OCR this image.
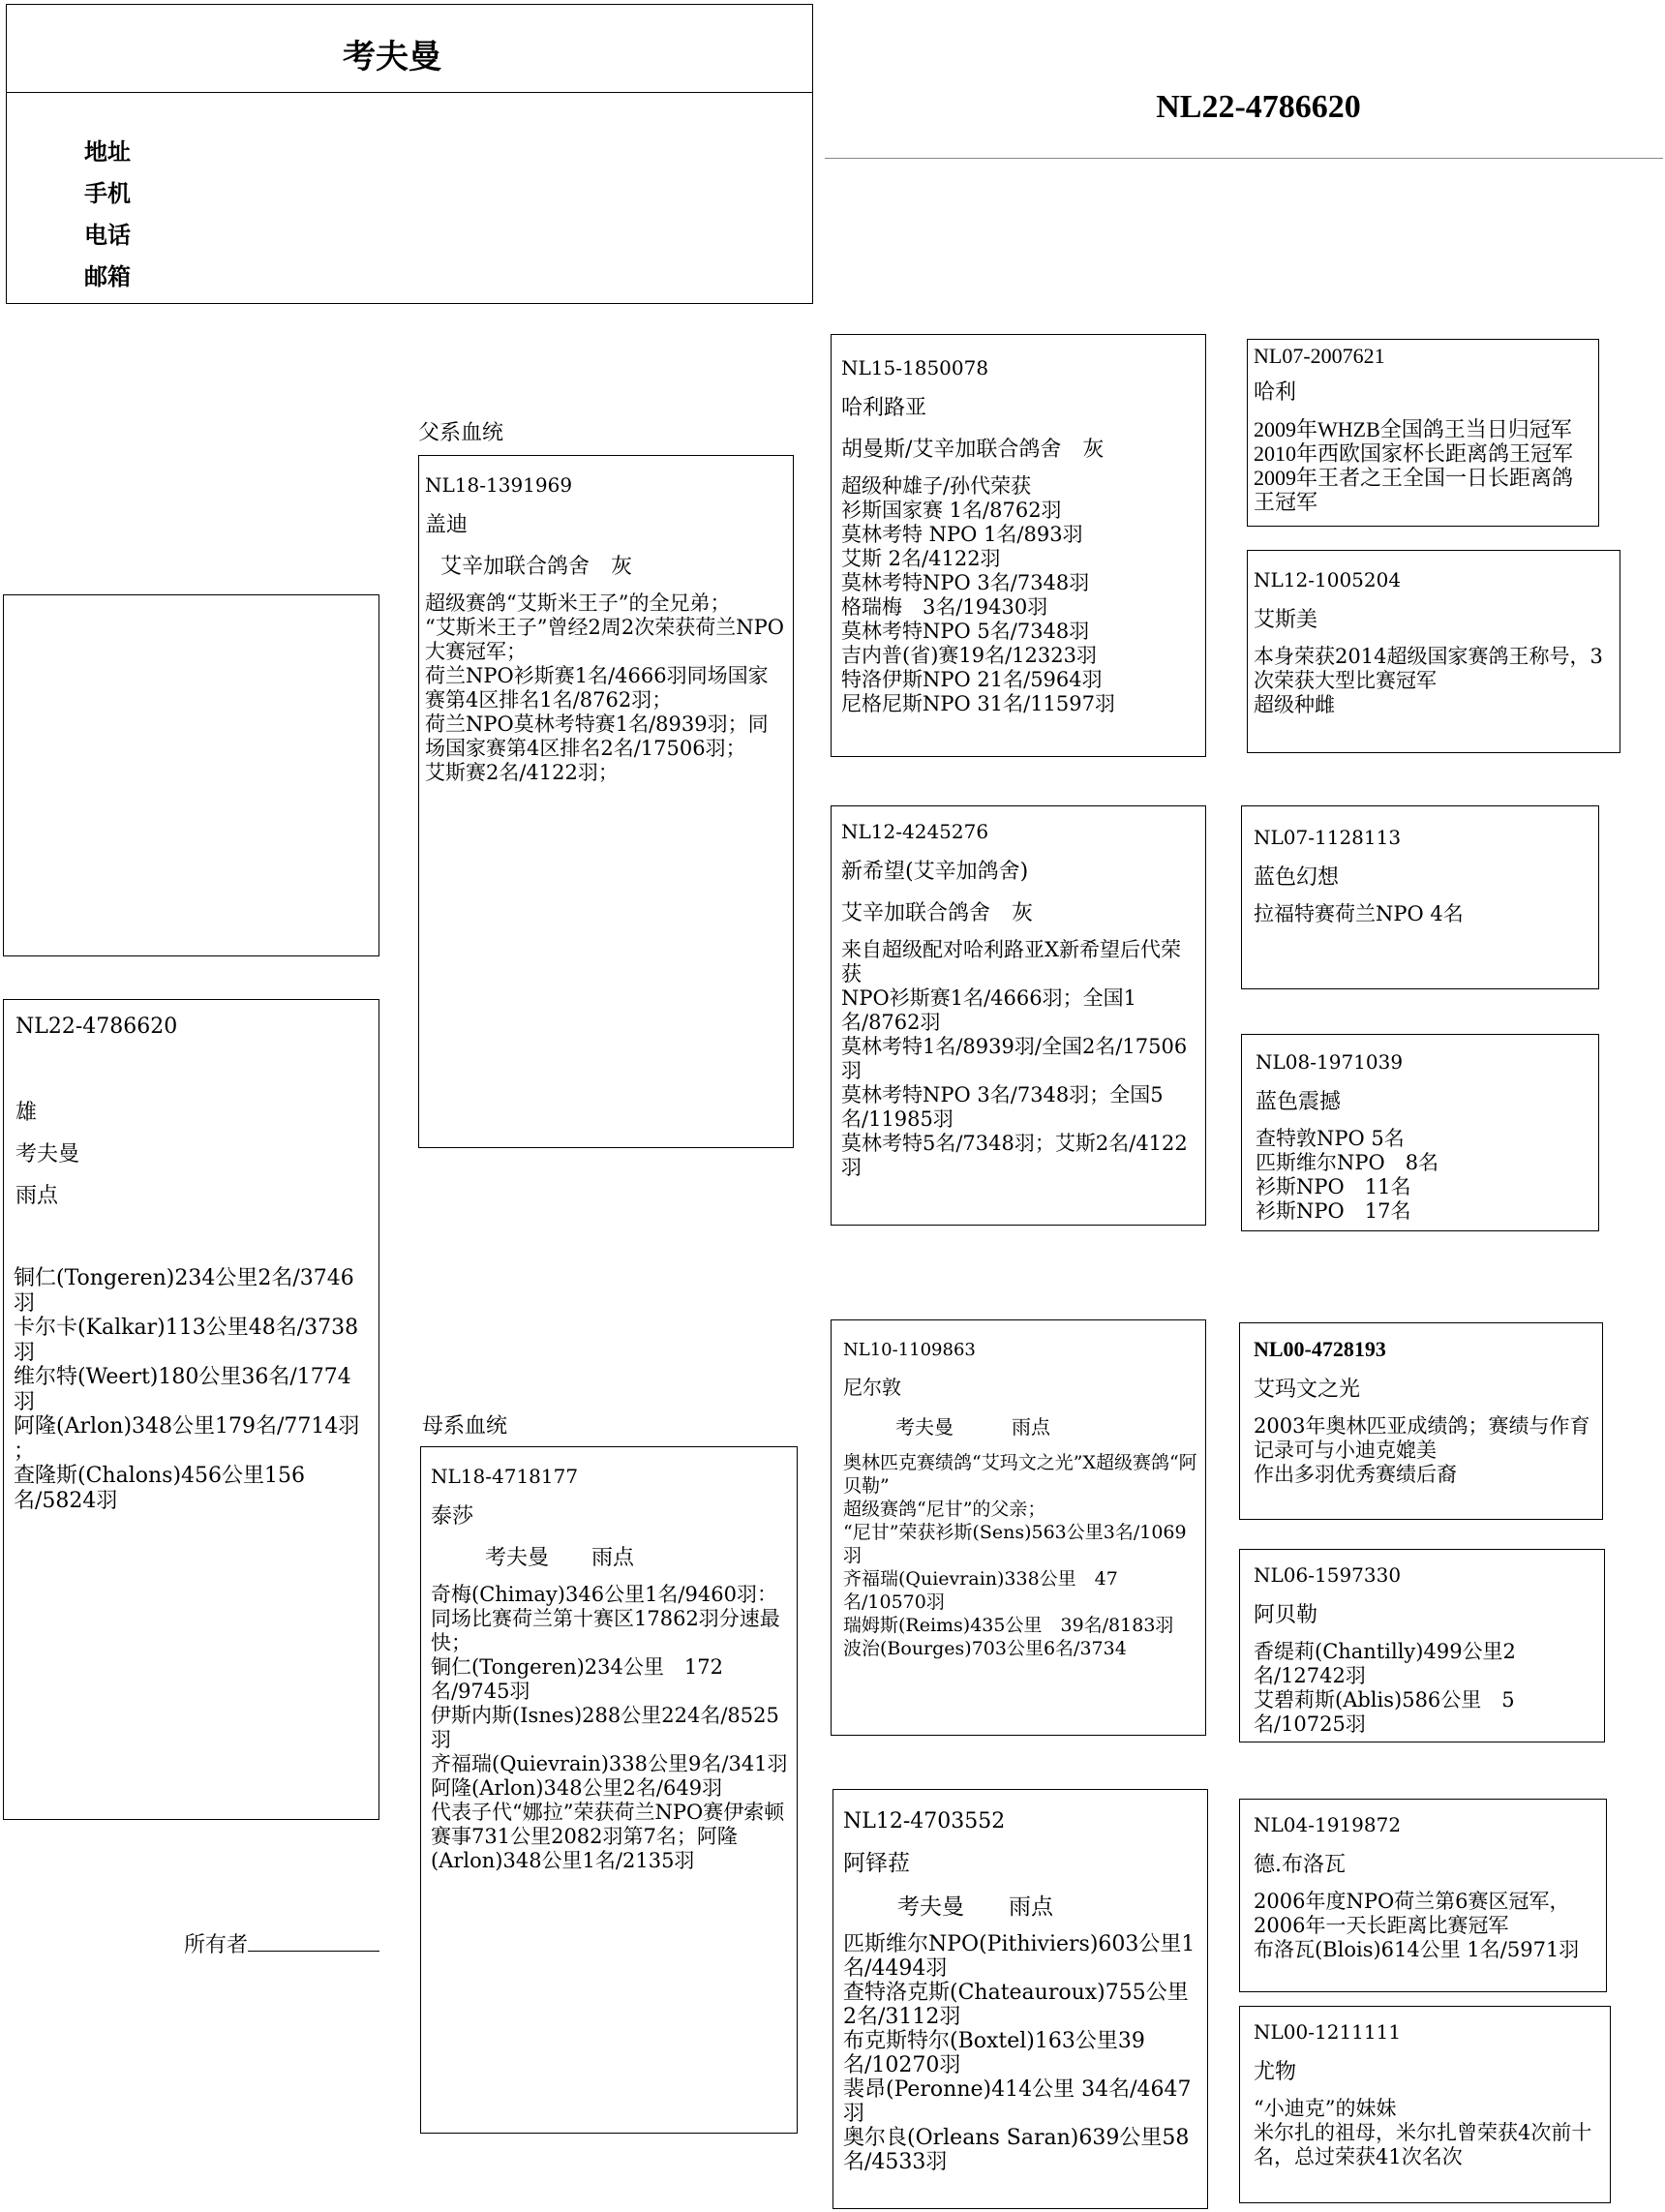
考夫曼
地址
手机
电话
邮箱
NL22-4786620
NL22-4786620
雄
考夫曼
雨点
铜仁(Tongeren)234公里2名/3746羽
卡尔卡(Kalkar)113公里48名/3738羽
维尔特(Weert)180公里36名/1774羽
阿隆(Arlon)348公里179名/7714羽 ；
查隆斯(Chalons)456公里156名/5824羽
所有者
父系血统
母系血统
NL18-1391969
盖迪
艾辛加联合鸽舍　灰
超级赛鸽“艾斯米王子”的全兄弟；
“艾斯米王子”曾经2周2次荣获荷兰NPO大赛冠军；
荷兰NPO衫斯赛1名/4666羽同场国家赛第4区排名1名/8762羽；
荷兰NPO莫林考特赛1名/8939羽；同场国家赛第4区排名2名/17506羽；
艾斯赛2名/4122羽；
NL18-4718177
泰莎
考夫曼　　雨点
奇梅(Chimay)346公里1名/9460羽：同场比赛荷兰第十赛区17862羽分速最快；
铜仁(Tongeren)234公里　172名/9745羽
伊斯内斯(Isnes)288公里224名/8525羽
齐福瑞(Quievrain)338公里9名/341羽
阿隆(Arlon)348公里2名/649羽
代表子代“娜拉”荣获荷兰NPO赛伊索顿赛事731公里2082羽第7名；阿隆(Arlon)348公里1名/2135羽
NL15-1850078
哈利路亚
胡曼斯/艾辛加联合鸽舍　灰
超级种雄子/孙代荣获
衫斯国家赛 1名/8762羽
莫林考特 NPO 1名/893羽
艾斯 2名/4122羽
莫林考特NPO 3名/7348羽
格瑞梅　3名/19430羽
莫林考特NPO 5名/7348羽
吉内普(省)赛19名/12323羽
特洛伊斯NPO 21名/5964羽
尼格尼斯NPO 31名/11597羽
NL12-4245276
新希望(艾辛加鸽舍)
艾辛加联合鸽舍　灰
来自超级配对哈利路亚X新希望后代荣获
NPO衫斯赛1名/4666羽；全国1名/8762羽
莫林考特1名/8939羽/全国2名/17506羽
莫林考特NPO 3名/7348羽；全国5名/11985羽
莫林考特5名/7348羽；艾斯2名/4122羽
NL10-1109863
尼尔敦
考夫曼　　　雨点
奥林匹克赛绩鸽“艾玛文之光”X超级赛鸽“阿贝勒”
超级赛鸽“尼甘”的父亲；
“尼甘”荣获衫斯(Sens)563公里3名/1069羽
齐福瑞(Quievrain)338公里　47名/10570羽
瑞姆斯(Reims)435公里　39名/8183羽
波治(Bourges)703公里6名/3734
NL12-4703552
阿铎菈
考夫曼　　雨点
匹斯维尔NPO(Pithiviers)603公里1名/4494羽
查特洛克斯(Chateauroux)755公里2名/3112羽
布克斯特尔(Boxtel)163公里39名/10270羽
裴昂(Peronne)414公里 34名/4647 羽
奥尔良(Orleans Saran)639公里58名/4533羽
NL07-2007621
哈利
2009年WHZB全国鸽王当日归冠军
2010年西欧国家杯长距离鸽王冠军
2009年王者之王全国一日长距离鸽王冠军
NL12-1005204
艾斯美
本身荣获2014超级国家赛鸽王称号，3次荣获大型比赛冠军
超级种雌
NL07-1128113
蓝色幻想
拉福特赛荷兰NPO 4名
NL08-1971039
蓝色震撼
查特敦NPO 5名
匹斯维尔NPO　8名
衫斯NPO　11名
衫斯NPO　17名
NL00-4728193
艾玛文之光
2003年奥林匹亚成绩鸽；赛绩与作育记录可与小迪克媲美
作出多羽优秀赛绩后裔
NL06-1597330
阿贝勒
香缇莉(Chantilly)499公里2名/12742羽
艾碧莉斯(Ablis)586公里　5名/10725羽
NL04-1919872
德.布洛瓦
2006年度NPO荷兰第6赛区冠军，2006年一天长距离比赛冠军
布洛瓦(Blois)614公里 1名/5971羽
NL00-1211111
尤物
“小迪克”的妹妹
米尔扎的祖母，米尔扎曾荣获4次前十名，总过荣获41次名次
